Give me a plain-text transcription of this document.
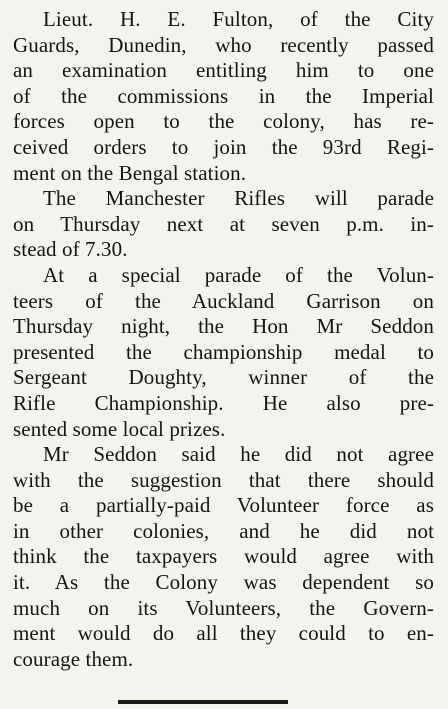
Lieut. H. E. Fulton, of the City
Guards, Dunedin, who recently passed
an examination entitling him to one
of the commissions in the Imperial
forces open to the colony, has re-
ceived orders to join the 93rd Regi-
ment on the Bengal station.
The Manchester Rifles will parade
on Thursday next at seven p.m. in-
stead of 7.30.
At a special parade of the Volun-
teers of the Auckland Garrison on
Thursday night, the Hon Mr Seddon
presented the championship medal to
Sergeant Doughty, winner of the
Rifle Championship. He also pre-
sented some local prizes.
Mr Seddon said he did not agree
with the suggestion that there should
be a partially-paid Volunteer force as
in other colonies, and he did not
think the taxpayers would agree with
it. As the Colony was dependent so
much on its Volunteers, the Govern-
ment would do all they could to en-
courage them.
